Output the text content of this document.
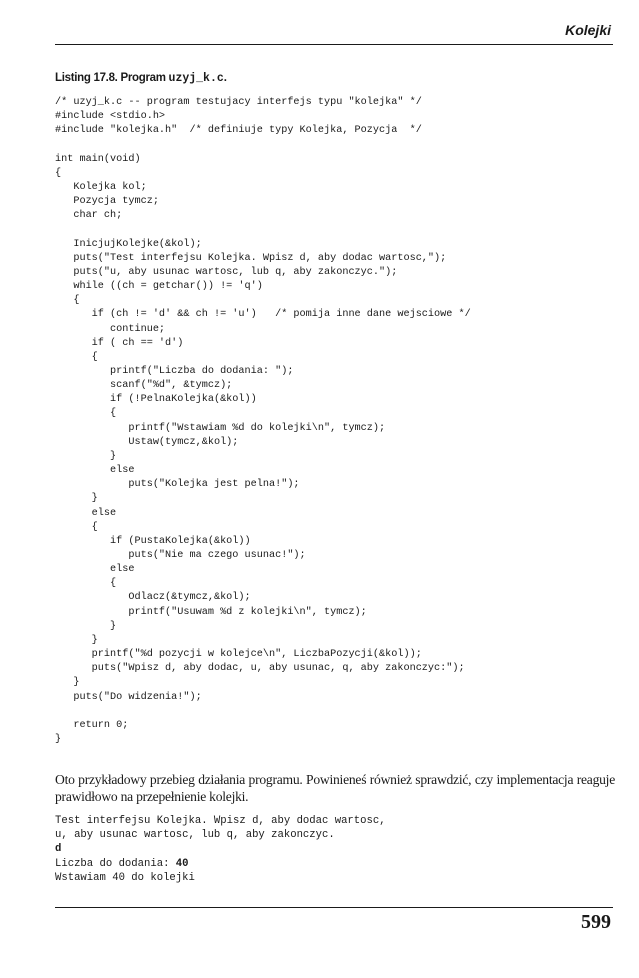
Kolejki
Listing 17.8. Program uzyj_k.c.
/* uzyj_k.c -- program testujacy interfejs typu "kolejka" */
#include <stdio.h>
#include "kolejka.h"  /* definiuje typy Kolejka, Pozycja  */

int main(void)
{
Kolejka kol;
Pozycja tymcz;
char ch;

InicjujKolejke(&kol);
puts("Test interfejsu Kolejka. Wpisz d, aby dodac wartosc,");
puts("u, aby usunac wartosc, lub q, aby zakonczyc.");
while ((ch = getchar()) != 'q')
{
if (ch != 'd' && ch != 'u')   /* pomija inne dane wejsciowe */
continue;
if ( ch == 'd')
{
printf("Liczba do dodania: ");
scanf("%d", &tymcz);
if (!PelnaKolejka(&kol))
{
printf("Wstawiam %d do kolejki\n", tymcz);
Ustaw(tymcz,&kol);
}
else
puts("Kolejka jest pelna!");
}
else
{
if (PustaKolejka(&kol))
puts("Nie ma czego usunac!");
else
{
Odlacz(&tymcz,&kol);
printf("Usuwam %d z kolejki\n", tymcz);
}
}
printf("%d pozycji w kolejce\n", LiczbaPozycji(&kol));
puts("Wpisz d, aby dodac, u, aby usunac, q, aby zakonczyc:");
}
puts("Do widzenia!");

return 0;
}

Oto przykładowy przebieg działania programu. Powinieneś również sprawdzić, czy implementacja reaguje prawidłowo na przepełnienie kolejki.

Test interfejsu Kolejka. Wpisz d, aby dodac wartosc,
u, aby usunac wartosc, lub q, aby zakonczyc.
d
Liczba do dodania: 40
Wstawiam 40 do kolejki
599
